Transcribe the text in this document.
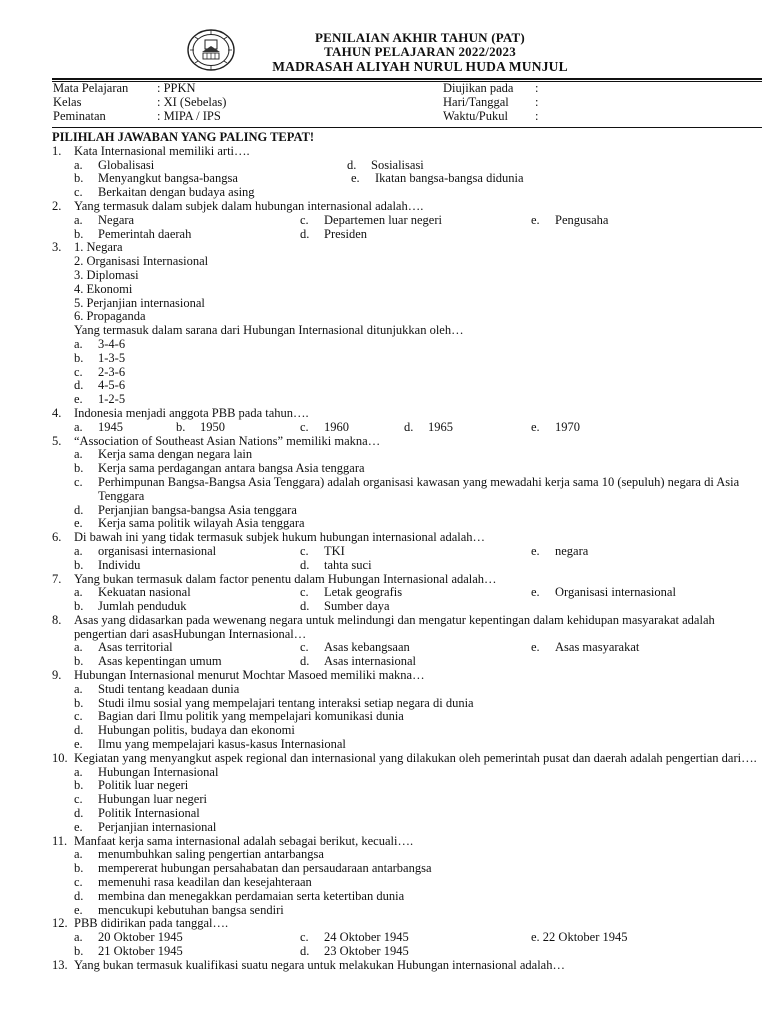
PENILAIAN AKHIR TAHUN (PAT)
TAHUN PELAJARAN 2022/2023
MADRASAH ALIYAH NURUL HUDA MUNJUL
Mata Pelajaran	: PPKN
Kelas	: XI (Sebelas)
Peminatan	: MIPA / IPS
Diujikan pada	:
Hari/Tanggal	:
Waktu/Pukul	:
PILIHLAH JAWABAN YANG PALING TEPAT!
1.	Kata Internasional memiliki arti….
a.	Globalisasi	d.	Sosialisasi
b.	Menyangkut bangsa-bangsa	e.	Ikatan bangsa-bangsa didunia
c.	Berkaitan dengan budaya asing
2.	Yang termasuk dalam subjek dalam hubungan internasional adalah….
a.	Negara	c.	Departemen luar negeri	e.	Pengusaha
b.	Pemerintah daerah	d.	Presiden
3.	1. Negara
2. Organisasi Internasional
3. Diplomasi
4. Ekonomi
5. Perjanjian internasional
6. Propaganda
Yang termasuk dalam sarana dari Hubungan Internasional ditunjukkan oleh…
a.	3-4-6
b.	1-3-5
c.	2-3-6
d.	4-5-6
e.	1-2-5
4.	Indonesia menjadi anggota PBB pada tahun….
a.	1945	b.	1950	c.	1960	d.	1965	e.	1970
5.	“Association of Southeast Asian Nations” memiliki makna…
a.	Kerja sama dengan negara lain
b.	Kerja sama perdagangan antara bangsa Asia tenggara
c.	Perhimpunan Bangsa-Bangsa Asia Tenggara) adalah organisasi kawasan yang mewadahi kerja sama 10 (sepuluh) negara di Asia Tenggara
d.	Perjanjian bangsa-bangsa Asia tenggara
e.	Kerja sama politik wilayah Asia tenggara
6.	Di bawah ini yang tidak termasuk subjek hukum hubungan internasional adalah…
a.	organisasi internasional	c.	TKI	e.	negara
b.	Individu	d.	tahta suci
7.	Yang bukan termasuk dalam factor penentu dalam Hubungan Internasional adalah…
a.	Kekuatan nasional	c.	Letak geografis	e.	Organisasi internasional
b.	Jumlah penduduk	d.	Sumber daya
8.	Asas yang didasarkan pada wewenang negara untuk melindungi dan mengatur kepentingan dalam kehidupan masyarakat adalah pengertian dari asasHubungan Internasional…
a.	Asas territorial	c.	Asas kebangsaan	e.	Asas masyarakat
b.	Asas kepentingan umum	d.	Asas internasional
9.	Hubungan Internasional menurut Mochtar Masoed memiliki makna…
a.	Studi tentang keadaan dunia
b.	Studi ilmu sosial yang mempelajari tentang interaksi setiap negara di dunia
c.	Bagian dari Ilmu politik yang mempelajari komunikasi dunia
d.	Hubungan politis, budaya dan ekonomi
e.	Ilmu yang mempelajari kasus-kasus Internasional
10. Kegiatan yang menyangkut aspek regional dan internasional yang dilakukan oleh pemerintah pusat dan daerah adalah pengertian dari….
a.	Hubungan Internasional
b.	Politik luar negeri
c.	Hubungan luar negeri
d.	Politik Internasional
e.	Perjanjian internasional
11. Manfaat kerja sama internasional adalah sebagai berikut, kecuali….
a.	menumbuhkan saling pengertian antarbangsa
b.	mempererat hubungan persahabatan dan persaudaraan antarbangsa
c.	memenuhi rasa keadilan dan kesejahteraan
d.	membina dan menegakkan perdamaian serta ketertiban dunia
e.	mencukupi kebutuhan bangsa sendiri
12. PBB didirikan pada tanggal….
a.	20 Oktober 1945	c.	24 Oktober 1945	e. 22 Oktober 1945
b.	21 Oktober 1945	d.	23 Oktober 1945
13. Yang bukan termasuk kualifikasi suatu negara untuk melakukan Hubungan internasional adalah…
